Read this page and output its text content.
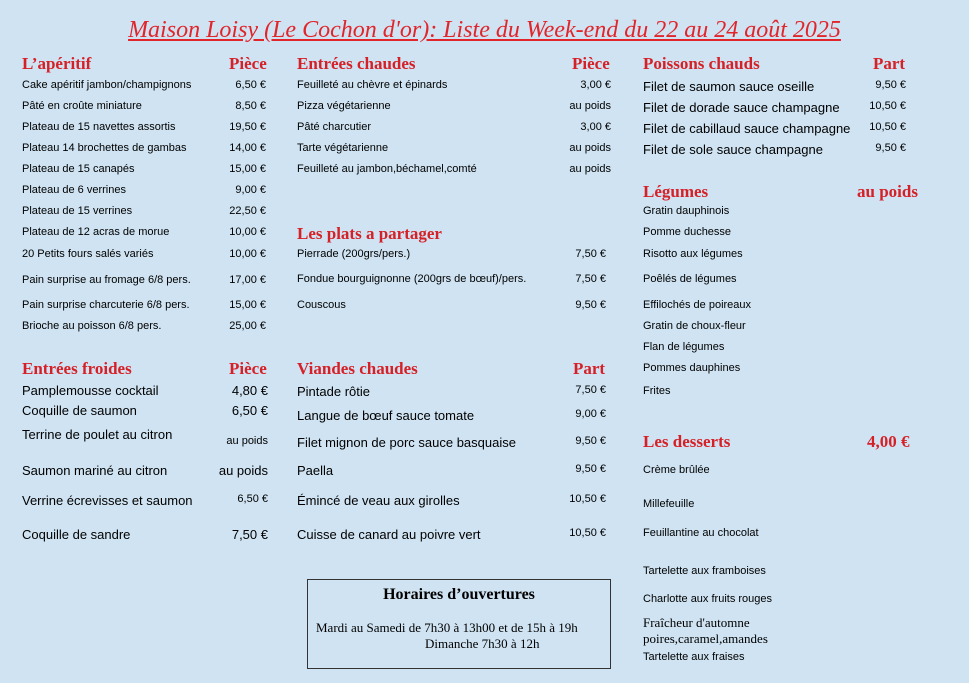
Maison Loisy (Le Cochon d'or): Liste du Week-end du 22 au 24 août 2025
L’apéritif	Pièce
Cake apéritif jambon/champignons	6,50 €
Pâté en croûte miniature	8,50 €
Plateau de 15 navettes assortis	19,50 €
Plateau 14 brochettes de gambas	14,00 €
Plateau de 15 canapés	15,00 €
Plateau de 6 verrines	9,00 €
Plateau de 15 verrines	22,50 €
Plateau de 12 acras de morue	10,00 €
20 Petits fours salés variés	10,00 €
Pain surprise au fromage 6/8 pers.	17,00 €
Pain surprise charcuterie 6/8 pers.	15,00 €
Brioche au poisson 6/8 pers.	25,00 €
Entrées froides	Pièce
Pamplemousse cocktail	4,80 €
Coquille de saumon	6,50 €
Terrine de poulet au citron	au poids
Saumon mariné au citron	au poids
Verrine écrevisses et saumon	6,50 €
Coquille de sandre	7,50 €
Entrées chaudes	Pièce
Feuilleté au chèvre et épinards	3,00 €
Pizza végétarienne	au poids
Pâté charcutier	3,00 €
Tarte végétarienne	au poids
Feuilleté au jambon,béchamel,comté	au poids
Les plats a partager
Pierrade (200grs/pers.)	7,50 €
Fondue bourguignonne (200grs de bœuf)/pers.	7,50 €
Couscous	9,50 €
Viandes chaudes	Part
Pintade rôtie	7,50 €
Langue de bœuf sauce tomate	9,00 €
Filet mignon de porc sauce basquaise	9,50 €
Paella	9,50 €
Émincé de veau aux girolles	10,50 €
Cuisse de canard au poivre vert	10,50 €
Poissons chauds	Part
Filet de saumon sauce oseille	9,50 €
Filet de dorade sauce champagne	10,50 €
Filet de cabillaud sauce champagne 10,50 €
Filet de sole sauce champagne	9,50 €
Légumes	au poids
Gratin dauphinois
Pomme duchesse
Risotto aux légumes
Poêlés de légumes
Effilochés de poireaux
Gratin de choux-fleur
Flan de légumes
Pommes dauphines
Frites
Les desserts	4,00 €
Crème brûlée
Millefeuille
Feuillantine au chocolat
Tartelette aux framboises
Charlotte aux fruits rouges
Fraîcheur d'automne
poires,caramel,amandes
Tartelette aux fraises
Horaires d’ouvertures
Mardi au Samedi de 7h30 à 13h00 et de 15h à 19h
Dimanche 7h30 à 12h
